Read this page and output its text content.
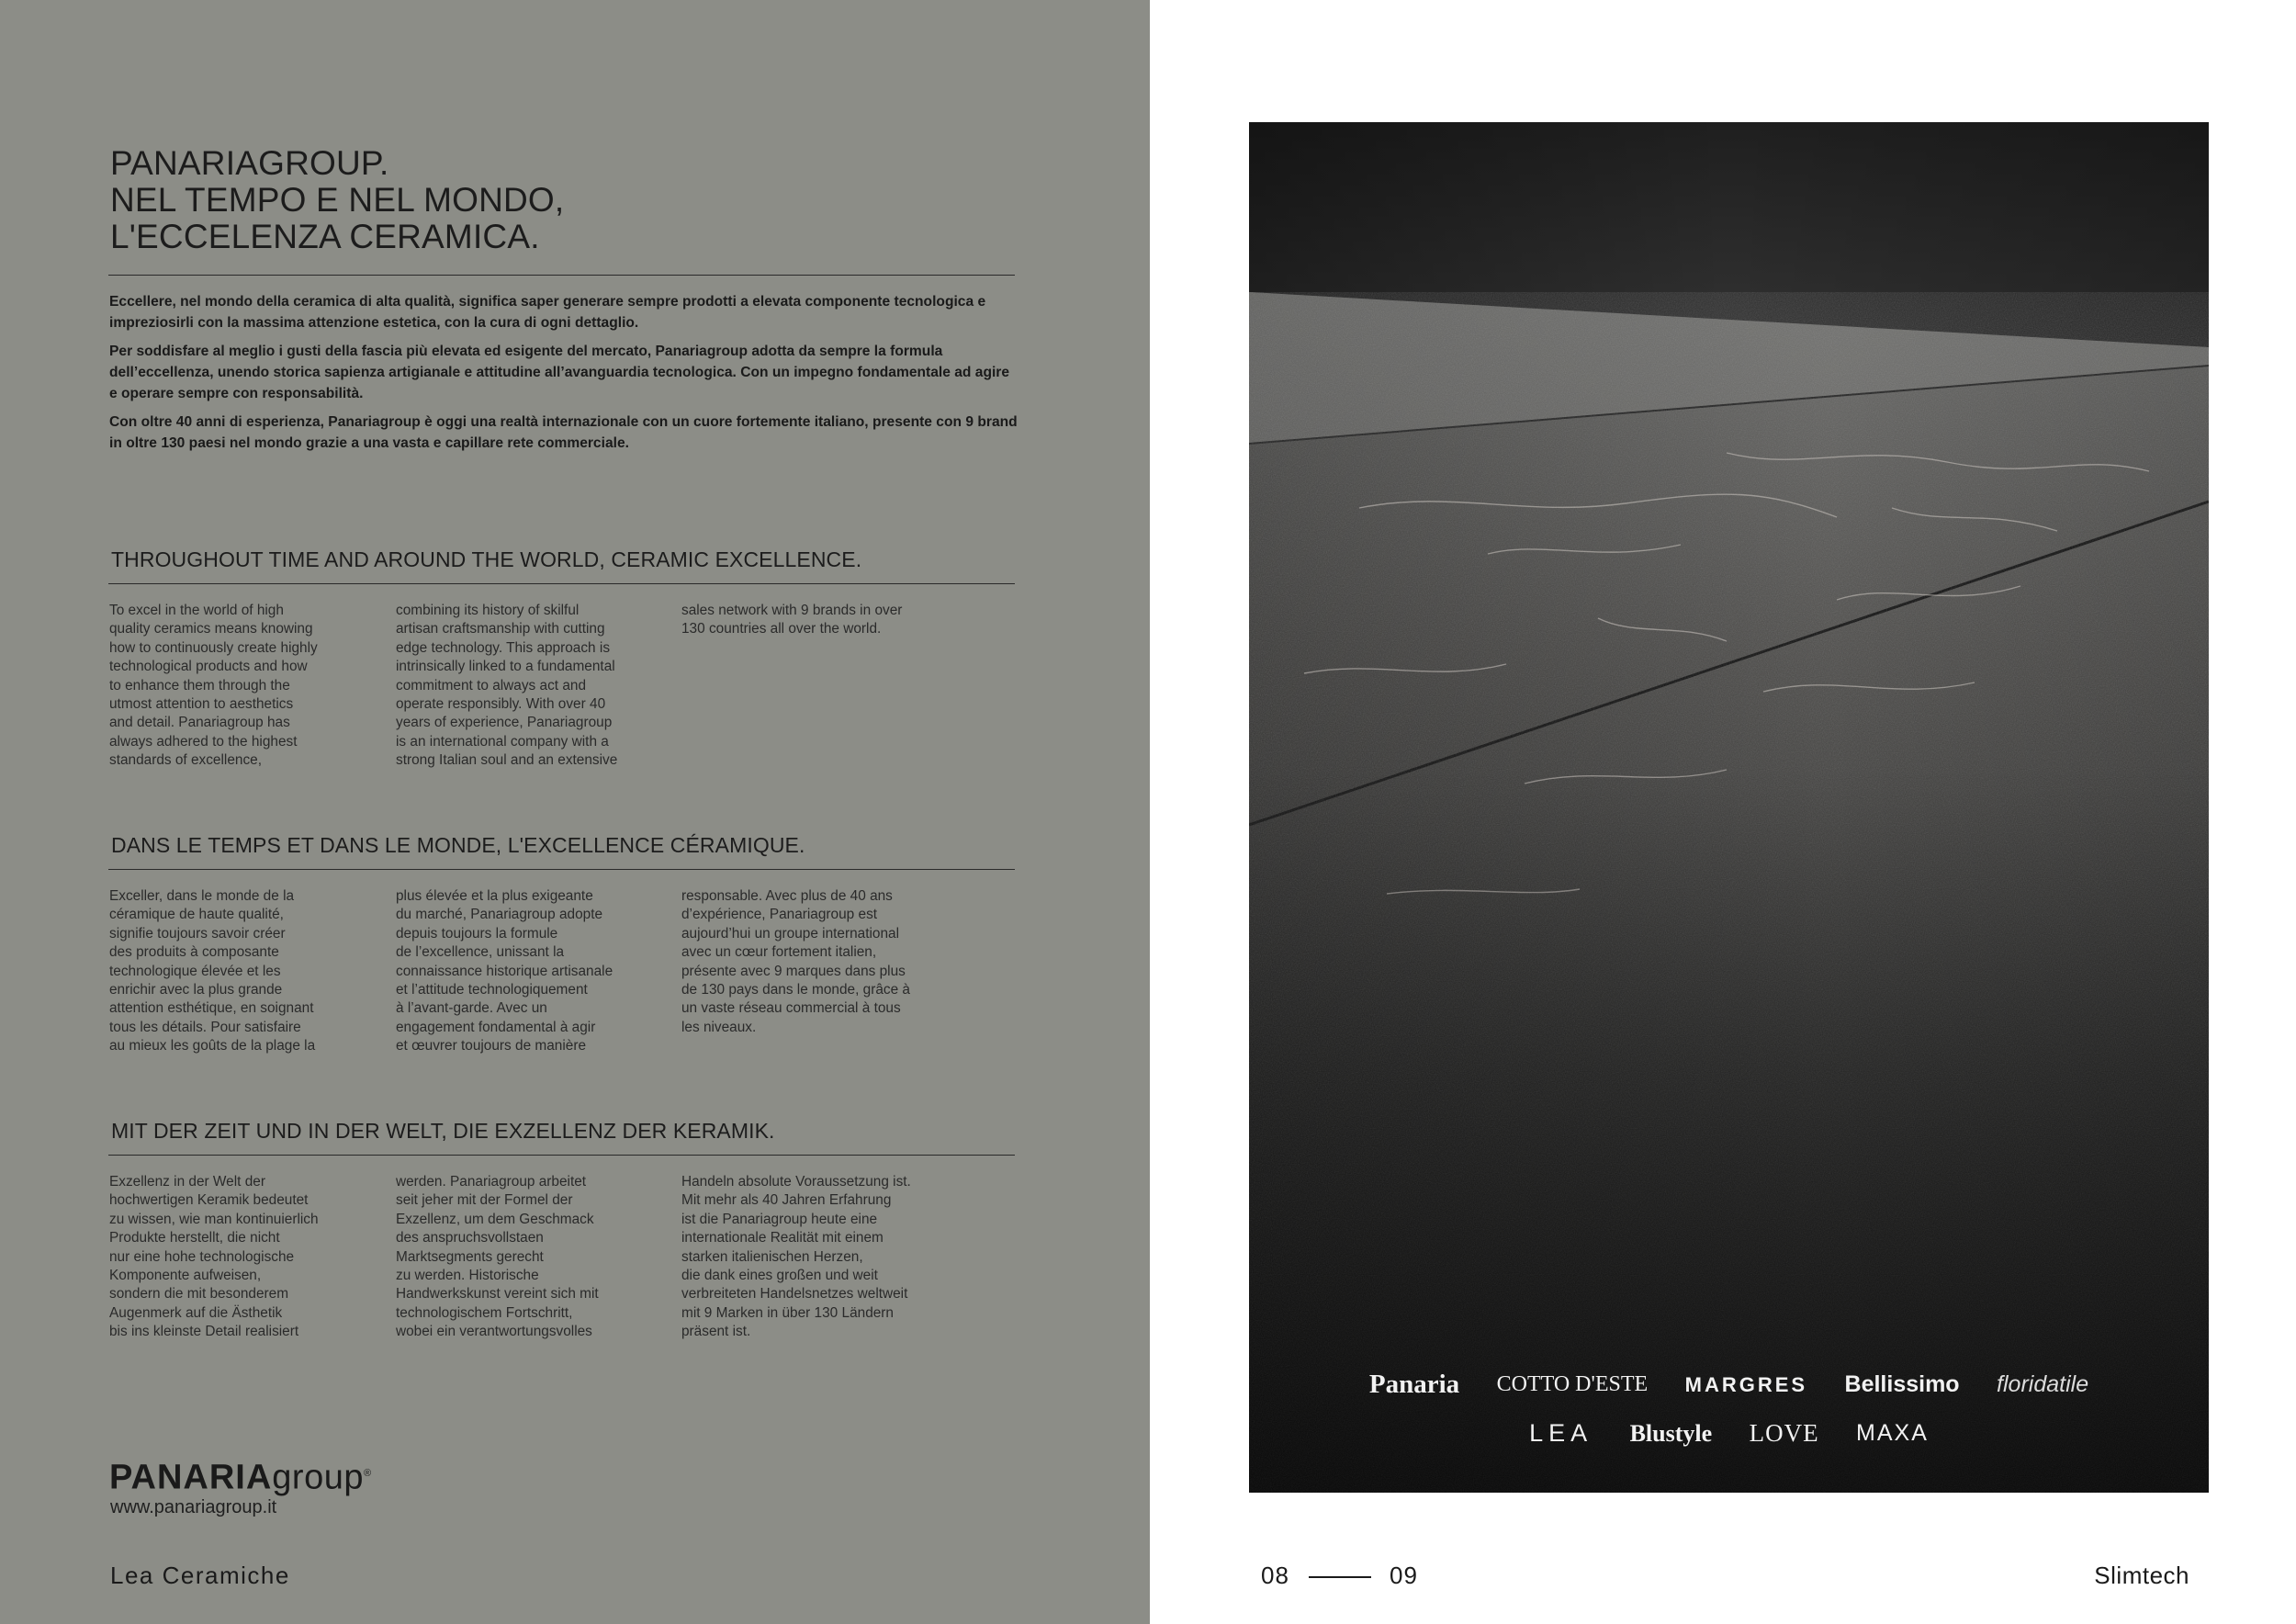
PANARIAGROUP.
NEL TEMPO E NEL MONDO,
L'ECCELENZA CERAMICA.

Eccellere, nel mondo della ceramica di alta qualità, significa saper generare sempre prodotti a elevata componente tecnologica e impreziosirli con la massima attenzione estetica, con la cura di ogni dettaglio.

Per soddisfare al meglio i gusti della fascia più elevata ed esigente del mercato, Panariagroup adotta da sempre la formula dell’eccellenza, unendo storica sapienza artigianale e attitudine all’avanguardia tecnologica. Con un impegno fondamentale ad agire e operare sempre con responsabilità.

Con oltre 40 anni di esperienza, Panariagroup è oggi una realtà internazionale con un cuore fortemente italiano, presente con 9 brand in oltre 130 paesi nel mondo grazie a una vasta e capillare rete commerciale.

THROUGHOUT TIME AND AROUND THE WORLD, CERAMIC EXCELLENCE.
To excel in the world of high
quality ceramics means knowing
how to continuously create highly
technological products and how
to enhance them through the
utmost attention to aesthetics
and detail. Panariagroup has
always adhered to the highest
standards of excellence,
combining its history of skilful
artisan craftsmanship with cutting
edge technology. This approach is
intrinsically linked to a fundamental
commitment to always act and
operate responsibly. With over 40
years of experience, Panariagroup
is an international company with a
strong Italian soul and an extensive
sales network with 9 brands in over
130 countries all over the world.
DANS LE TEMPS ET DANS LE MONDE, L'EXCELLENCE CÉRAMIQUE.
Exceller, dans le monde de la
céramique de haute qualité,
signifie toujours savoir créer
des produits à composante
technologique élevée et les
enrichir avec la plus grande
attention esthétique, en soignant
tous les détails. Pour satisfaire
au mieux les goûts de la plage la
plus élevée et la plus exigeante
du marché, Panariagroup adopte
depuis toujours la formule
de l’excellence, unissant la
connaissance historique artisanale
et l’attitude technologiquement
à l’avant-garde. Avec un
engagement fondamental à agir
et œuvrer toujours de manière
responsable. Avec plus de 40 ans
d’expérience, Panariagroup est
aujourd’hui un groupe international
avec un cœur fortement italien,
présente avec 9 marques dans plus
de 130 pays dans le monde, grâce à
un vaste réseau commercial à tous
les niveaux.
MIT DER ZEIT UND IN DER WELT, DIE EXZELLENZ DER KERAMIK.
Exzellenz in der Welt der
hochwertigen Keramik bedeutet
zu wissen, wie man kontinuierlich
Produkte herstellt, die nicht
nur eine hohe technologische
Komponente aufweisen,
sondern die mit besonderem
Augenmerk auf die Ästhetik
bis ins kleinste Detail realisiert
werden. Panariagroup arbeitet
seit jeher mit der Formel der
Exzellenz, um dem Geschmack
des anspruchsvollstaen
Marktsegments gerecht
zu werden. Historische
Handwerkskunst vereint sich mit
technologischem Fortschritt,
wobei ein verantwortungsvolles
Handeln absolute Voraussetzung ist.
Mit mehr als 40 Jahren Erfahrung
ist die Panariagroup heute eine
internationale Realität mit einem
starken italienischen Herzen,
die dank eines großen und weit
verbreiteten Handelsnetzes weltweit
mit 9 Marken in über 130 Ländern
präsent ist.
PANARIAgroup®
www.panariagroup.it
Lea Ceramiche
Panaria COTTO D'ESTE MARGRES Bellissimo floridatile
LEA Blustyle LOVE MAXA
08	09	Slimtech
